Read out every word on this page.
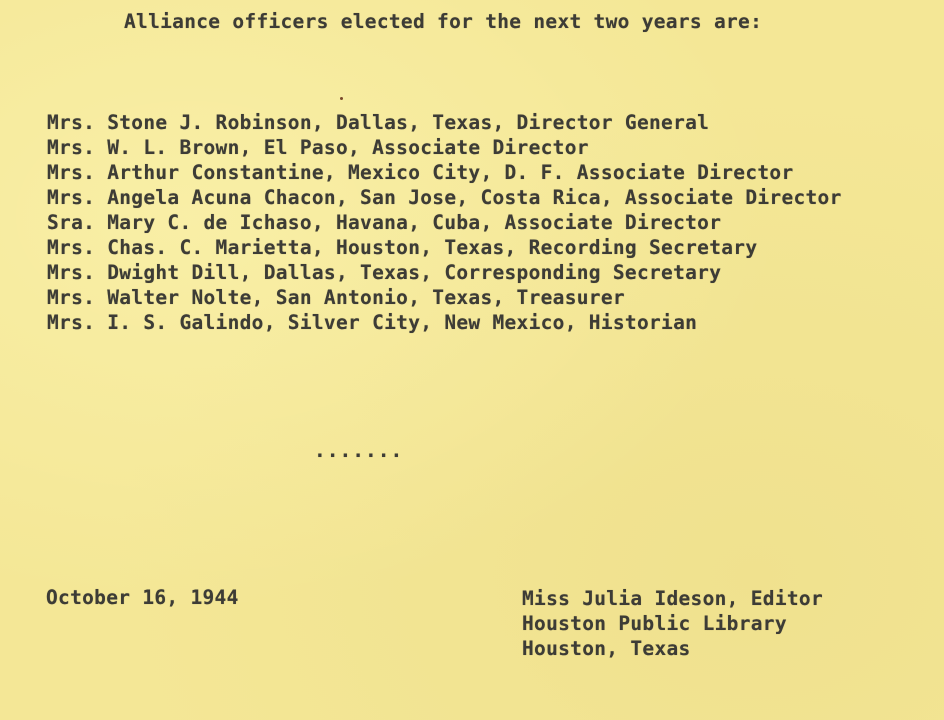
Alliance officers elected for the next two years are:
Mrs. Stone J. Robinson, Dallas, Texas, Director General
Mrs. W. L. Brown, El Paso, Associate Director
Mrs. Arthur Constantine, Mexico City, D. F. Associate Director
Mrs. Angela Acuna Chacon, San Jose, Costa Rica, Associate Director
Sra. Mary C. de Ichaso, Havana, Cuba, Associate Director
Mrs. Chas. C. Marietta, Houston, Texas, Recording Secretary
Mrs. Dwight Dill, Dallas, Texas, Corresponding Secretary
Mrs. Walter Nolte, San Antonio, Texas, Treasurer
Mrs. I. S. Galindo, Silver City, New Mexico, Historian
.......
October 16, 1944	Miss Julia Ideson, Editor
Houston Public Library
Houston, Texas
